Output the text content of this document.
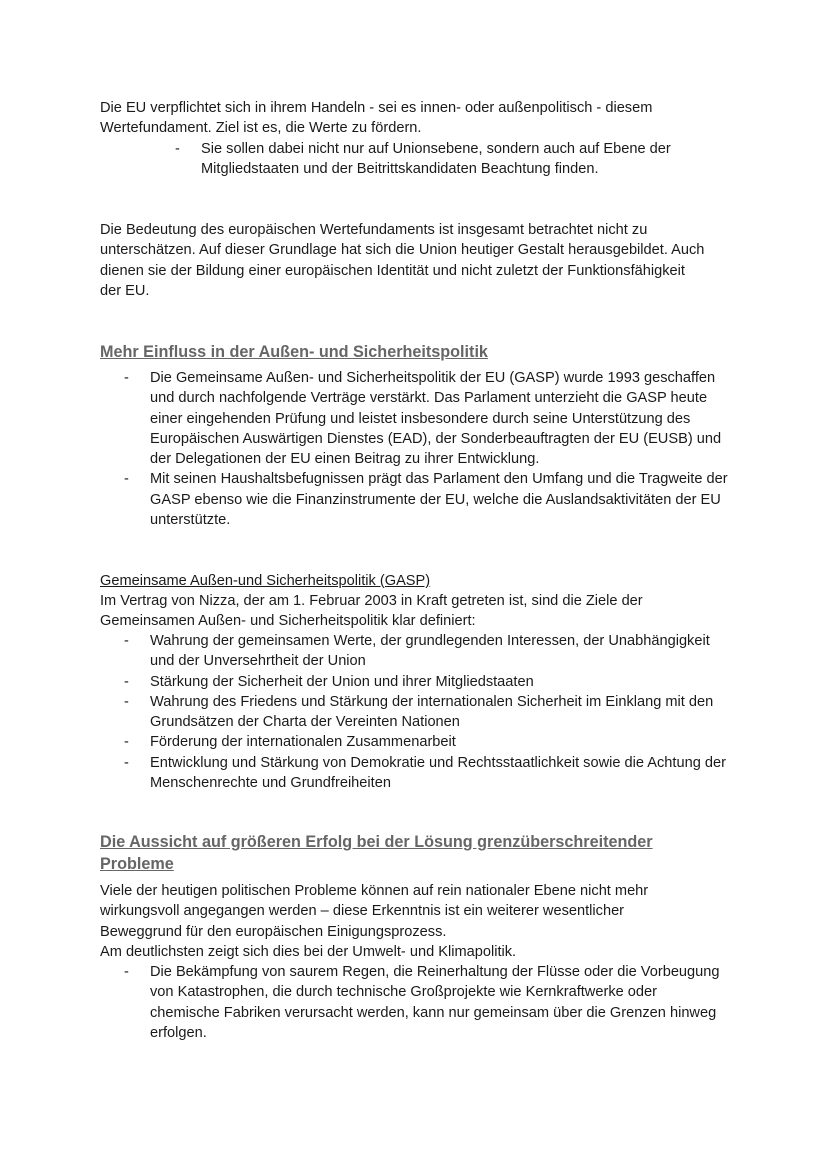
Die EU verpflichtet sich in ihrem Handeln - sei es innen- oder außenpolitisch - diesem Wertefundament. Ziel ist es, die Werte zu fördern.

- Sie sollen dabei nicht nur auf Unionsebene, sondern auch auf Ebene der Mitgliedstaaten und der Beitrittskandidaten Beachtung finden.

Die Bedeutung des europäischen Wertefundaments ist insgesamt betrachtet nicht zu unterschätzen. Auf dieser Grundlage hat sich die Union heutiger Gestalt herausgebildet. Auch dienen sie der Bildung einer europäischen Identität und nicht zuletzt der Funktionsfähigkeit der EU.

Mehr Einfluss in der Außen- und Sicherheitspolitik
- Die Gemeinsame Außen- und Sicherheitspolitik der EU (GASP) wurde 1993 geschaffen und durch nachfolgende Verträge verstärkt. Das Parlament unterzieht die GASP heute einer eingehenden Prüfung und leistet insbesondere durch seine Unterstützung des Europäischen Auswärtigen Dienstes (EAD), der Sonderbeauftragten der EU (EUSB) und der Delegationen der EU einen Beitrag zu ihrer Entwicklung.
- Mit seinen Haushaltsbefugnissen prägt das Parlament den Umfang und die Tragweite der GASP ebenso wie die Finanzinstrumente der EU, welche die Auslandsaktivitäten der EU unterstützte.

Gemeinsame Außen-und Sicherheitspolitik (GASP)

Im Vertrag von Nizza, der am 1. Februar 2003 in Kraft getreten ist, sind die Ziele der Gemeinsamen Außen- und Sicherheitspolitik klar definiert:

- Wahrung der gemeinsamen Werte, der grundlegenden Interessen, der Unabhängigkeit und der Unversehrtheit der Union
- Stärkung der Sicherheit der Union und ihrer Mitgliedstaaten
- Wahrung des Friedens und Stärkung der internationalen Sicherheit im Einklang mit den Grundsätzen der Charta der Vereinten Nationen
- Förderung der internationalen Zusammenarbeit
- Entwicklung und Stärkung von Demokratie und Rechtsstaatlichkeit sowie die Achtung der Menschenrechte und Grundfreiheiten
Die Aussicht auf größeren Erfolg bei der Lösung grenzüberschreitender
Probleme

Viele der heutigen politischen Probleme können auf rein nationaler Ebene nicht mehr wirkungsvoll angegangen werden – diese Erkenntnis ist ein weiterer wesentlicher Beweggrund für den europäischen Einigungsprozess.

Am deutlichsten zeigt sich dies bei der Umwelt- und Klimapolitik.

- Die Bekämpfung von saurem Regen, die Reinerhaltung der Flüsse oder die Vorbeugung von Katastrophen, die durch technische Großprojekte wie Kernkraftwerke oder chemische Fabriken verursacht werden, kann nur gemeinsam über die Grenzen hinweg erfolgen.
